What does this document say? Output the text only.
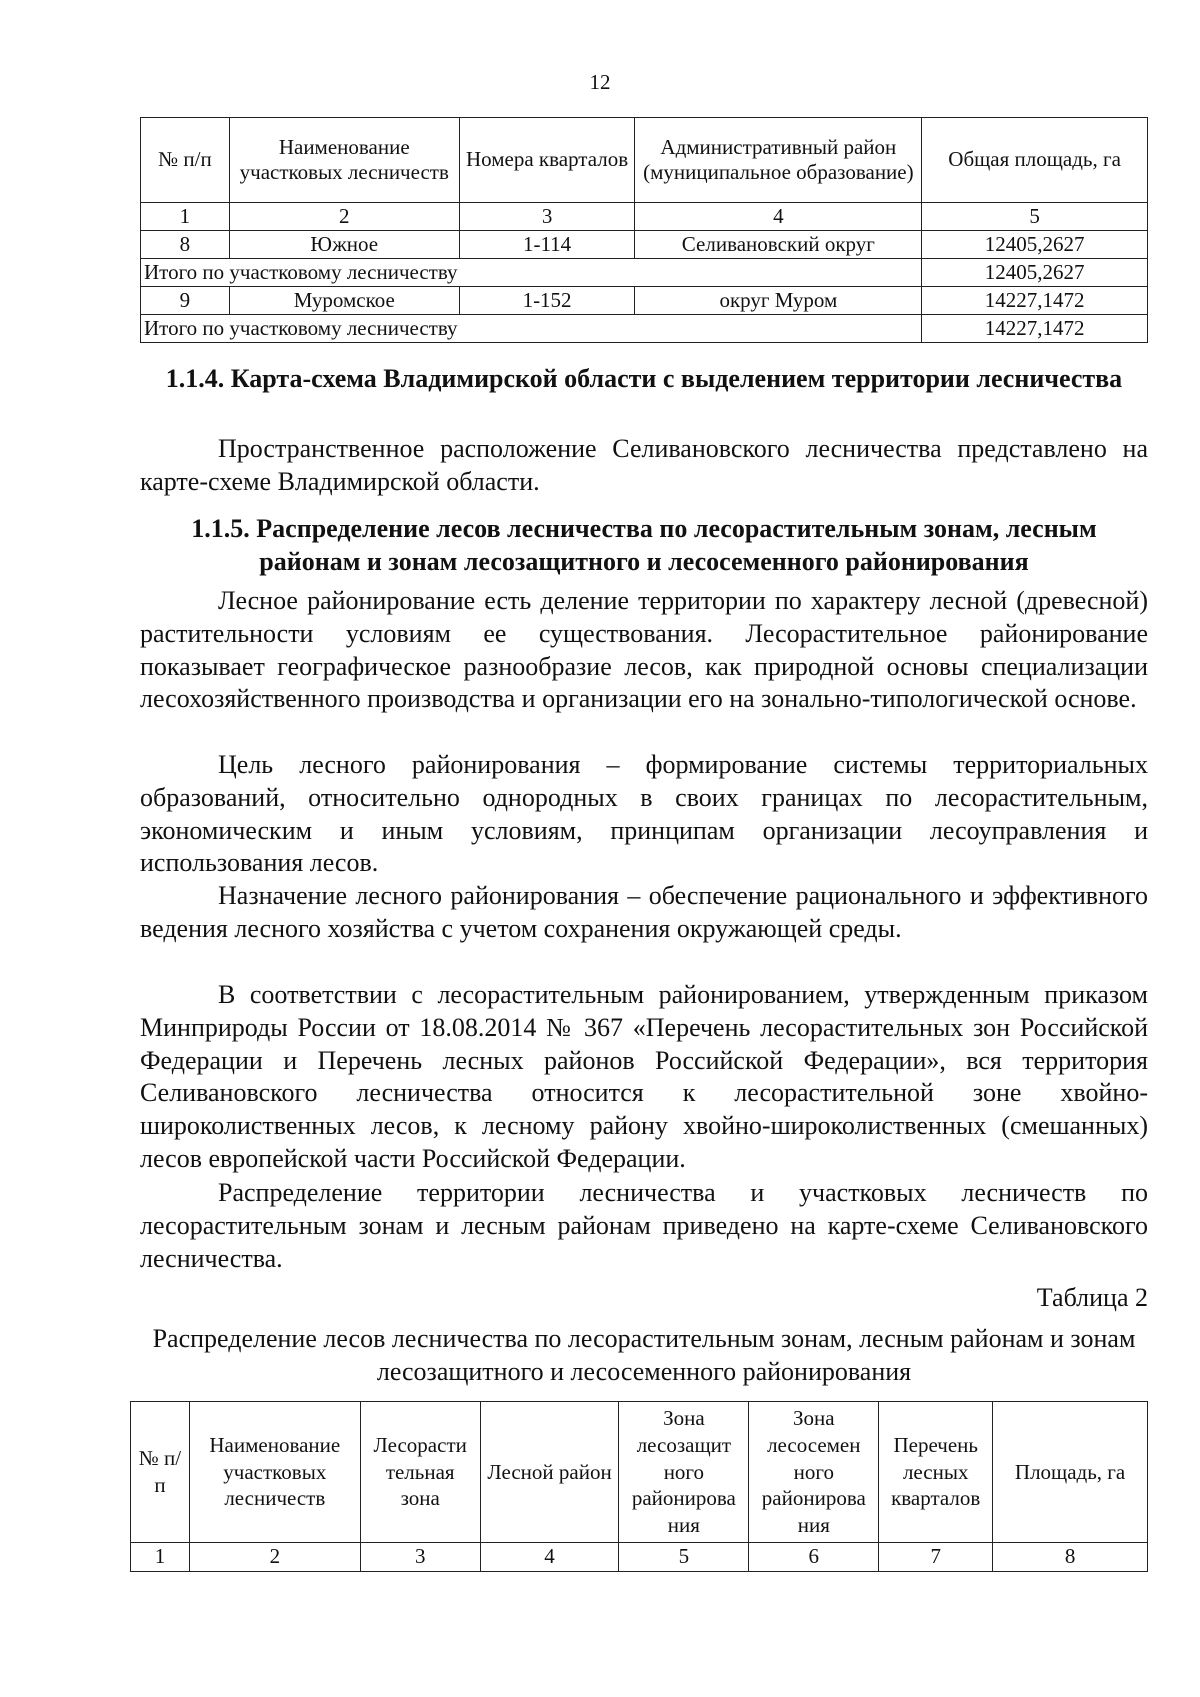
12
№ п/п	Наименование участковых лесничеств	Номера кварталов	Административный район (муниципальное образование)	Общая площадь, га
1	2	3	4	5
8	Южное	1-114	Селивановский округ	12405,2627
Итого по участковому лесничеству				12405,2627
9	Муромское	1-152	округ Муром	14227,1472
Итого по участковому лесничеству				14227,1472
1.1.4. Карта-схема Владимирской области с выделением территории лесничества

Пространственное расположение Селивановского лесничества представлено на карте-схеме Владимирской области.

1.1.5. Распределение лесов лесничества по лесорастительным зонам, лесным районам и зонам лесозащитного и лесосеменного районирования

Лесное районирование есть деление территории по характеру лесной (древесной) растительности условиям ее существования. Лесорастительное районирование показывает географическое разнообразие лесов, как природной основы специализации лесохозяйственного производства и организации его на зонально-типологической основе.

Цель лесного районирования – формирование системы территориальных образований, относительно однородных в своих границах по лесорастительным, экономическим и иным условиям, принципам организации лесоуправления и использования лесов.

Назначение лесного районирования – обеспечение рационального и эффективного ведения лесного хозяйства с учетом сохранения окружающей среды.

В соответствии с лесорастительным районированием, утвержденным приказом Минприроды России от 18.08.2014 № 367 «Перечень лесорастительных зон Российской Федерации и Перечень лесных районов Российской Федерации», вся территория Селивановского лесничества относится к лесорастительной зоне хвойно-широколиственных лесов, к лесному району хвойно-широколиственных (смешанных) лесов европейской части Российской Федерации.

Распределение территории лесничества и участковых лесничеств по лесорастительным зонам и лесным районам приведено на карте-схеме Селивановского лесничества.

Таблица 2
Распределение лесов лесничества по лесорастительным зонам, лесным районам и зонам лесозащитного и лесосеменного районирования
№ п/п	Наименование участковых лесничеств	Лесорасти тельная зона	Лесной район	Зона лесозащит ного районирова ния	Зона лесосемен ного районирова ния	Перечень лесных кварталов	Площадь, га
1	2	3	4	5	6	7	8
